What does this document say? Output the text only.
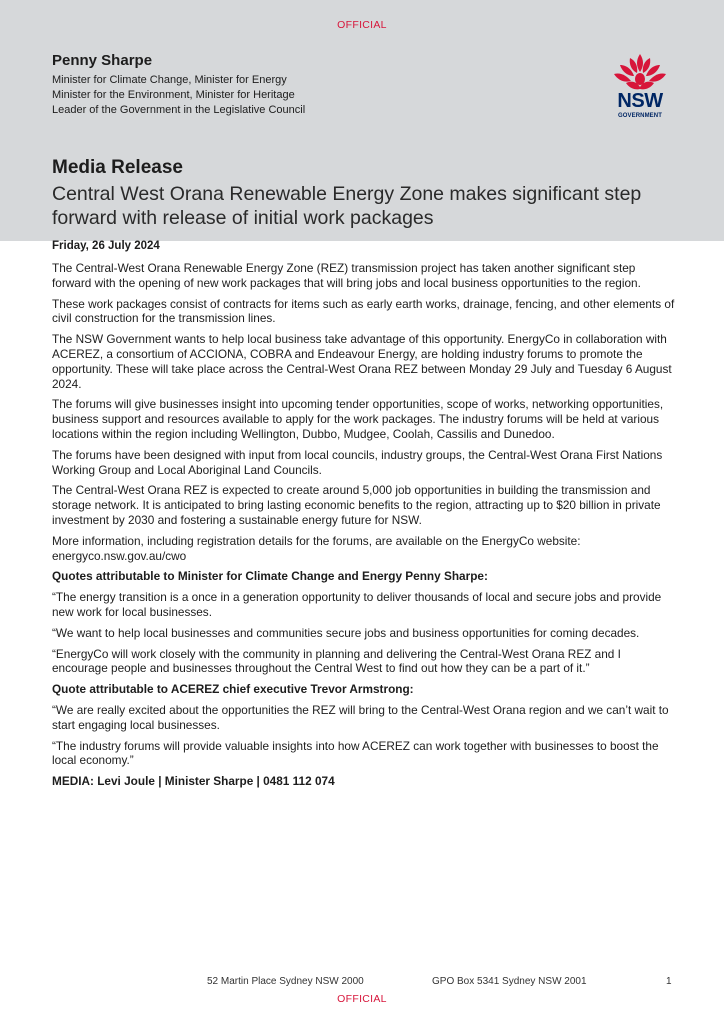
OFFICIAL
Penny Sharpe
Minister for Climate Change, Minister for Energy
Minister for the Environment, Minister for Heritage
Leader of the Government in the Legislative Council	NSW
GOVERNMENT
Media Release
Central West Orana Renewable Energy Zone makes significant step forward with release of initial work packages

Friday, 26 July 2024

The Central-West Orana Renewable Energy Zone (REZ) transmission project has taken another significant step forward with the opening of new work packages that will bring jobs and local business opportunities to the region.

These work packages consist of contracts for items such as early earth works, drainage, fencing, and other elements of civil construction for the transmission lines.

The NSW Government wants to help local business take advantage of this opportunity. EnergyCo in collaboration with ACEREZ, a consortium of ACCIONA, COBRA and Endeavour Energy, are holding industry forums to promote the opportunity. These will take place across the Central-West Orana REZ between Monday 29 July and Tuesday 6 August 2024.

The forums will give businesses insight into upcoming tender opportunities, scope of works, networking opportunities, business support and resources available to apply for the work packages. The industry forums will be held at various locations within the region including Wellington, Dubbo, Mudgee, Coolah, Cassilis and Dunedoo.

The forums have been designed with input from local councils, industry groups, the Central-West Orana First Nations Working Group and Local Aboriginal Land Councils.

The Central-West Orana REZ is expected to create around 5,000 job opportunities in building the transmission and storage network. It is anticipated to bring lasting economic benefits to the region, attracting up to $20 billion in private investment by 2030 and fostering a sustainable energy future for NSW.

More information, including registration details for the forums, are available on the EnergyCo website: energyco.nsw.gov.au/cwo

Quotes attributable to Minister for Climate Change and Energy Penny Sharpe:

“The energy transition is a once in a generation opportunity to deliver thousands of local and secure jobs and provide new work for local businesses.

“We want to help local businesses and communities secure jobs and business opportunities for coming decades.

“EnergyCo will work closely with the community in planning and delivering the Central-West Orana REZ and I encourage people and businesses throughout the Central West to find out how they can be a part of it.”

Quote attributable to ACEREZ chief executive Trevor Armstrong:

“We are really excited about the opportunities the REZ will bring to the Central-West Orana region and we can’t wait to start engaging local businesses.

“The industry forums will provide valuable insights into how ACEREZ can work together with businesses to boost the local economy.”

MEDIA: Levi Joule | Minister Sharpe | 0481 112 074

52 Martin Place Sydney NSW 2000	GPO Box 5341 Sydney NSW 2001	1
OFFICIAL
